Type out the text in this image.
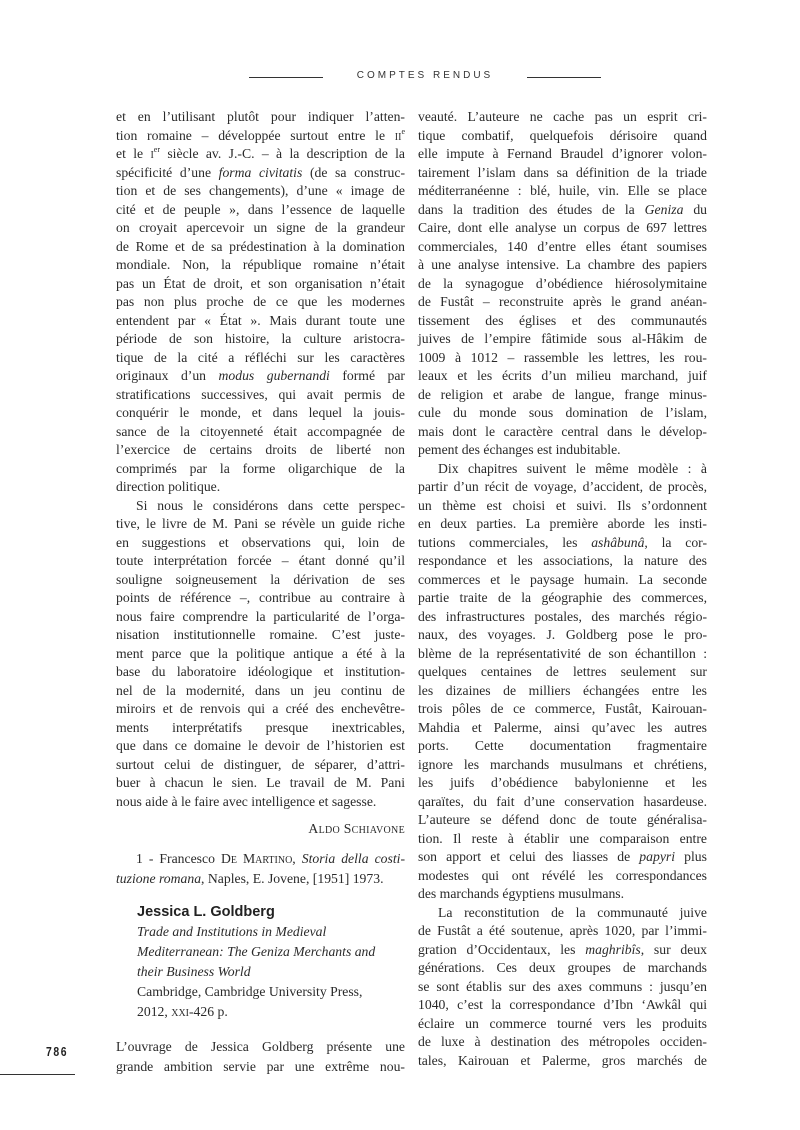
COMPTES RENDUS
et en l’utilisant plutôt pour indiquer l’atten-
tion romaine – développée surtout entre le $ii^e$
et le $i^{er}$ siècle av. J.-C. – à la description de la
spécificité d’une forma civitatis (de sa construc-
tion et de ses changements), d’une « image de
cité et de peuple », dans l’essence de laquelle
on croyait apercevoir un signe de la grandeur
de Rome et de sa prédestination à la domination
mondiale. Non, la république romaine n’était
pas un État de droit, et son organisation n’était
pas non plus proche de ce que les modernes
entendent par « État ». Mais durant toute une
période de son histoire, la culture aristocra-
tique de la cité a réfléchi sur les caractères
originaux d’un modus gubernandi formé par
stratifications successives, qui avait permis de
conquérir le monde, et dans lequel la jouis-
sance de la citoyenneté était accompagnée de
l’exercice de certains droits de liberté non
comprimés par la forme oligarchique de la
direction politique.
Si nous le considérons dans cette perspec-
tive, le livre de M. Pani se révèle un guide riche
en suggestions et observations qui, loin de
toute interprétation forcée – étant donné qu’il
souligne soigneusement la dérivation de ses
points de référence –, contribue au contraire à
nous faire comprendre la particularité de l’orga-
nisation institutionnelle romaine. C’est juste-
ment parce que la politique antique a été à la
base du laboratoire idéologique et institution-
nel de la modernité, dans un jeu continu de
miroirs et de renvois qui a créé des enchevêtre-
ments interprétatifs presque inextricables,
que dans ce domaine le devoir de l’historien est
surtout celui de distinguer, de séparer, d’attri-
buer à chacun le sien. Le travail de M. Pani
nous aide à le faire avec intelligence et sagesse.
Aldo Schiavone
1 - Francesco De Martino, Storia della costi-
tuzione romana, Naples, E. Jovene, [1951] 1973.
Jessica L. Goldberg
Trade and Institutions in Medieval
Mediterranean: The Geniza Merchants and
their Business World
Cambridge, Cambridge University Press,
2012, xxi-426 p.
L’ouvrage de Jessica Goldberg présente une
grande ambition servie par une extrême nou-
veauté. L’auteure ne cache pas un esprit cri-
tique combatif, quelquefois dérisoire quand
elle impute à Fernand Braudel d’ignorer volon-
tairement l’islam dans sa définition de la triade
méditerranéenne : blé, huile, vin. Elle se place
dans la tradition des études de la Geniza du
Caire, dont elle analyse un corpus de 697 lettres
commerciales, 140 d’entre elles étant soumises
à une analyse intensive. La chambre des papiers
de la synagogue d’obédience hiérosolymitaine
de Fustât – reconstruite après le grand anéan-
tissement des églises et des communautés
juives de l’empire fâtimide sous al-Hâkim de
1009 à 1012 – rassemble les lettres, les rou-
leaux et les écrits d’un milieu marchand, juif
de religion et arabe de langue, frange minus-
cule du monde sous domination de l’islam,
mais dont le caractère central dans le dévelop-
pement des échanges est indubitable.
Dix chapitres suivent le même modèle : à
partir d’un récit de voyage, d’accident, de procès,
un thème est choisi et suivi. Ils s’ordonnent
en deux parties. La première aborde les insti-
tutions commerciales, les ashâbunâ, la cor-
respondance et les associations, la nature des
commerces et le paysage humain. La seconde
partie traite de la géographie des commerces,
des infrastructures postales, des marchés régio-
naux, des voyages. J. Goldberg pose le pro-
blème de la représentativité de son échantillon :
quelques centaines de lettres seulement sur
les dizaines de milliers échangées entre les
trois pôles de ce commerce, Fustât, Kairouan-
Mahdia et Palerme, ainsi qu’avec les autres
ports. Cette documentation fragmentaire
ignore les marchands musulmans et chrétiens,
les juifs d’obédience babylonienne et les
qaraïtes, du fait d’une conservation hasardeuse.
L’auteure se défend donc de toute généralisa-
tion. Il reste à établir une comparaison entre
son apport et celui des liasses de papyri plus
modestes qui ont révélé les correspondances
des marchands égyptiens musulmans.
La reconstitution de la communauté juive
de Fustât a été soutenue, après 1020, par l’immi-
gration d’Occidentaux, les maghribîs, sur deux
générations. Ces deux groupes de marchands
se sont établis sur des axes communs : jusqu’en
1040, c’est la correspondance d’Ibn ‘Awkâl qui
éclaire un commerce tourné vers les produits
de luxe à destination des métropoles occiden-
tales, Kairouan et Palerme, gros marchés de
786
